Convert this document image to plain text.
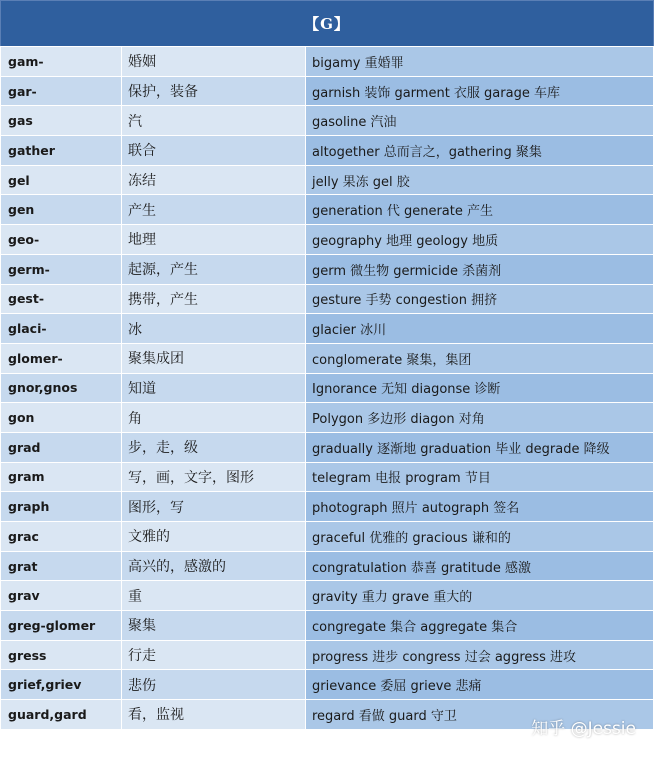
【G】
gam-	婚姻	bigamy 重婚罪
gar-	保护，装备	garnish 装饰 garment 衣服 garage 车库
gas	汽	gasoline 汽油
gather	联合	altogether 总而言之，gathering 聚集
gel	冻结	jelly 果冻 gel 胶
gen	产生	generation 代 generate 产生
geo-	地理	geography 地理 geology 地质
germ-	起源，产生	germ 微生物 germicide 杀菌剂
gest-	携带，产生	gesture 手势 congestion 拥挤
glaci-	冰	glacier 冰川
glomer-	聚集成团	conglomerate 聚集，集团
gnor,gnos	知道	Ignorance 无知 diagonse 诊断
gon	角	Polygon 多边形 diagon 对角
grad	步，走，级	gradually 逐渐地 graduation 毕业 degrade 降级
gram	写，画，文字，图形	telegram 电报 program 节目
graph	图形，写	photograph 照片 autograph 签名
grac	文雅的	graceful 优雅的 gracious 谦和的
grat	高兴的，感激的	congratulation 恭喜 gratitude 感激
grav	重	gravity 重力 grave 重大的
greg-glomer	聚集	congregate 集合 aggregate 集合
gress	行走	progress 进步 congress 过会 aggress 进攻
grief,griev	悲伤	grievance 委屈 grieve 悲痛
guard,gard	看，监视	regard 看做 guard 守卫
知乎 @Jessie
